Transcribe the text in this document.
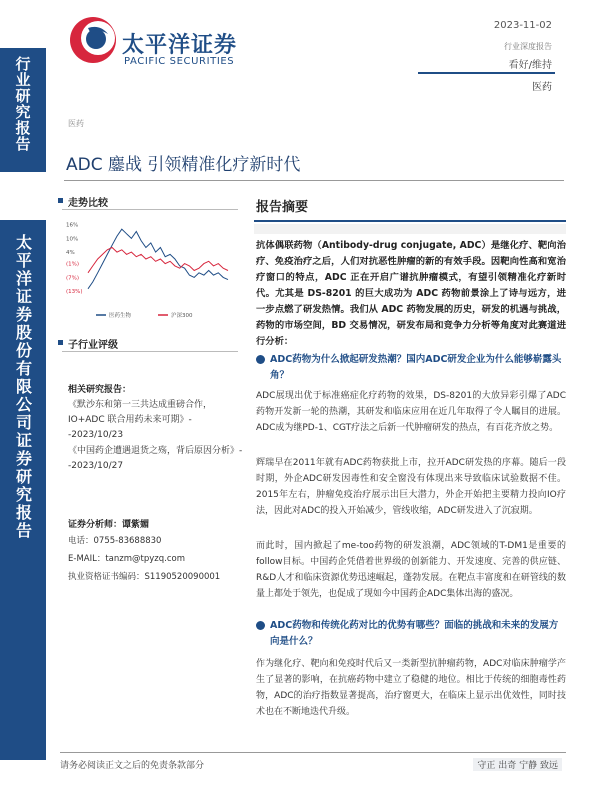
行业研究报告
太平洋证券股份有限公司证券研究报告
太平洋证券
PACIFIC SECURITIES
2023-11-02
行业深度报告
看好/维持
医药
医药
ADC 鏖战 引领精准化疗新时代
走势比较
16%
10%
4%
(1%)
(7%)
(13%)
医药生物	沪深300
子行业评级
相关研究报告：
《默沙东和第一三共达成重磅合作，IO+ADC 联合用药未来可期》--2023/10/23
《中国药企遭遇退货之殇，背后原因分析》--2023/10/27
证券分析师：谭紫媚
电话：0755-83688830
E-MAIL：tanzm@tpyzq.com
执业资格证书编码：S1190520090001
报告摘要
抗体偶联药物（Antibody-drug conjugate, ADC）是继化疗、靶向治疗、免疫治疗之后，人们对抗恶性肿瘤的新的有效手段。因靶向性高和宽治疗窗口的特点，ADC 正在开启广谱抗肿瘤模式，有望引领精准化疗新时代。尤其是 DS-8201 的巨大成功为 ADC 药物前景涂上了诗与远方，进一步点燃了研发热情。我们从 ADC 药物发展的历史，研发的机遇与挑战，药物的市场空间，BD 交易情况，研发布局和竞争力分析等角度对此赛道进行分析：
ADC药物为什么掀起研发热潮？国内ADC研发企业为什么能够崭露头角？
ADC展现出优于标准癌症化疗药物的效果，DS-8201的大放异彩引爆了ADC药物开发新一轮的热潮，其研发和临床应用在近几年取得了令人瞩目的进展。ADC成为继PD-1、CGT疗法之后新一代肿瘤研发的热点，有百花齐放之势。
辉瑞早在2011年就有ADC药物获批上市，拉开ADC研发热的序幕。随后一段时期，外企ADC研发因毒性和安全窗没有体现出来导致临床试验数据不佳。2015年左右，肿瘤免疫治疗展示出巨大潜力，外企开始把主要精力投向IO疗法，因此对ADC的投入开始减少，管线收缩，ADC研发进入了沉寂期。
而此时，国内掀起了me-too药物的研发浪潮，ADC领域的T-DM1是重要的follow目标。中国药企凭借着世界级的创新能力、开发速度、完善的供应链、R&D人才和临床资源优势迅速崛起，蓬勃发展。在靶点丰富度和在研管线的数量上都处于领先，也促成了现如今中国药企ADC集体出海的盛况。
ADC药物和传统化药对比的优势有哪些？面临的挑战和未来的发展方向是什么？
作为继化疗、靶向和免疫时代后又一类新型抗肿瘤药物，ADC对临床肿瘤学产生了显著的影响，在抗癌药物中建立了稳健的地位。相比于传统的细胞毒性药物，ADC的治疗指数显著提高，治疗窗更大，在临床上显示出优效性，同时技术也在不断地迭代升级。
请务必阅读正文之后的免责条款部分	守正 出奇 宁静 致远
